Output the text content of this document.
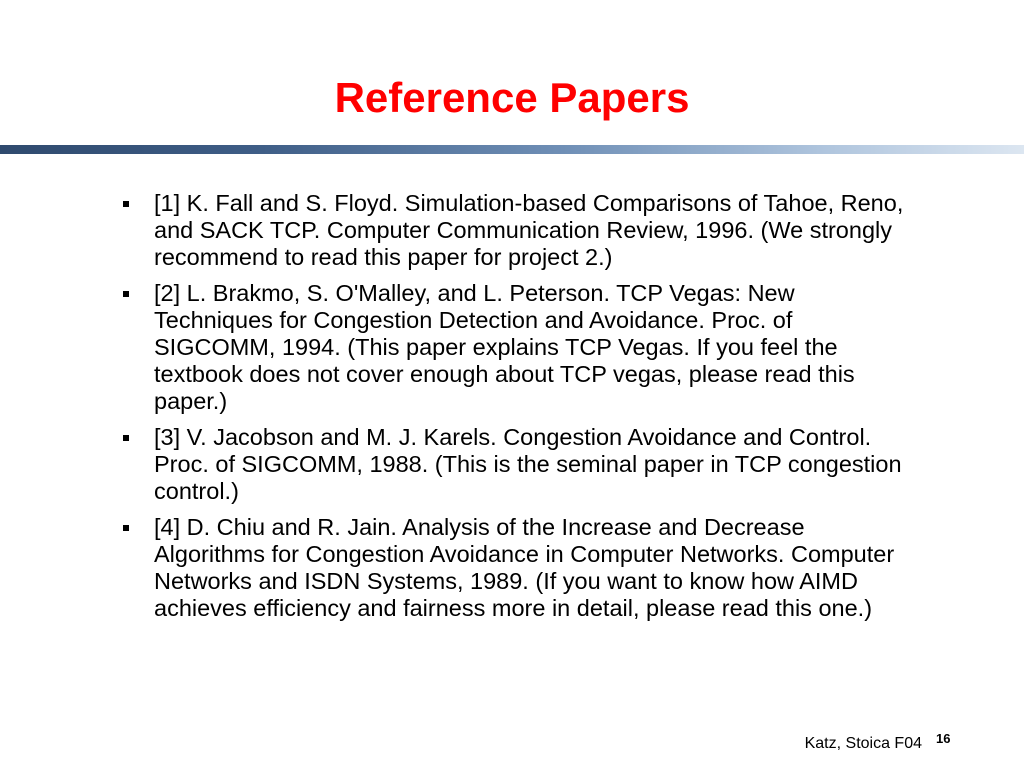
Reference Papers
[1] K. Fall and S. Floyd. Simulation-based Comparisons of Tahoe, Reno, and SACK TCP. Computer Communication Review, 1996. (We strongly recommend to read this paper for project 2.)
[2] L. Brakmo, S. O'Malley, and L. Peterson. TCP Vegas: New Techniques for Congestion Detection and Avoidance. Proc. of SIGCOMM, 1994. (This paper explains TCP Vegas. If you feel the textbook does not cover enough about TCP vegas, please read this paper.)
[3] V. Jacobson and M. J. Karels. Congestion Avoidance and Control. Proc. of SIGCOMM, 1988. (This is the seminal paper in TCP congestion control.)
[4] D. Chiu and R. Jain. Analysis of the Increase and Decrease Algorithms for Congestion Avoidance in Computer Networks. Computer Networks and ISDN Systems, 1989. (If you want to know how AIMD achieves efficiency and fairness more in detail, please read this one.)
Katz, Stoica F04 16
